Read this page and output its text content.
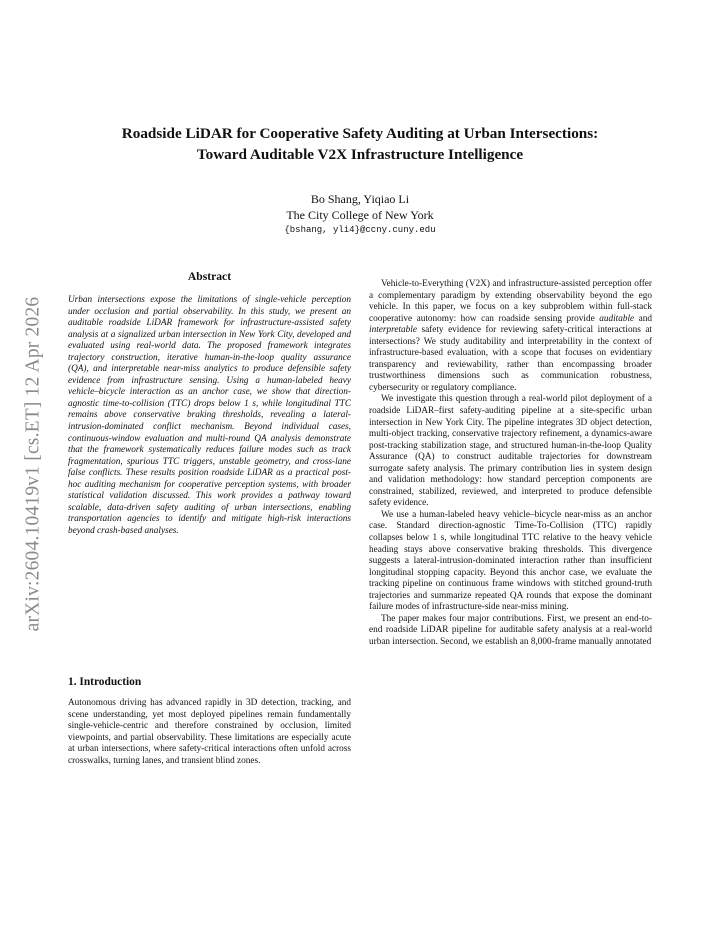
arXiv:2604.10419v1 [cs.ET] 12 Apr 2026
Roadside LiDAR for Cooperative Safety Auditing at Urban Intersections:
Toward Auditable V2X Infrastructure Intelligence
Bo Shang, Yiqiao Li
The City College of New York
{bshang, yli4}@ccny.cuny.edu
Abstract

Urban intersections expose the limitations of single-vehicle perception under occlusion and partial observability. In this study, we present an auditable roadside LiDAR framework for infrastructure-assisted safety analysis at a signalized urban intersection in New York City, developed and evaluated using real-world data. The proposed framework integrates trajectory construction, iterative human-in-the-loop quality assurance (QA), and interpretable near-miss analytics to produce defensible safety evidence from infrastructure sensing. Using a human-labeled heavy vehicle–bicycle interaction as an anchor case, we show that direction-agnostic time-to-collision (TTC) drops below 1 s, while longitudinal TTC remains above conservative braking thresholds, revealing a lateral-intrusion-dominated conflict mechanism. Beyond individual cases, continuous-window evaluation and multi-round QA analysis demonstrate that the framework systematically reduces failure modes such as track fragmentation, spurious TTC triggers, unstable geometry, and cross-lane false conflicts. These results position roadside LiDAR as a practical post-hoc auditing mechanism for cooperative perception systems, with broader statistical validation discussed. This work provides a pathway toward scalable, data-driven safety auditing of urban intersections, enabling transportation agencies to identify and mitigate high-risk interactions beyond crash-based analyses.

1. Introduction

Autonomous driving has advanced rapidly in 3D detection, tracking, and scene understanding, yet most deployed pipelines remain fundamentally single-vehicle-centric and therefore constrained by occlusion, limited viewpoints, and partial observability. These limitations are especially acute at urban intersections, where safety-critical interactions often unfold across crosswalks, turning lanes, and transient blind zones.

Vehicle-to-Everything (V2X) and infrastructure-assisted perception offer a complementary paradigm by extending observability beyond the ego vehicle. In this paper, we focus on a key subproblem within full-stack cooperative autonomy: how can roadside sensing provide auditable and interpretable safety evidence for reviewing safety-critical interactions at intersections? We study auditability and interpretability in the context of infrastructure-based evaluation, with a scope that focuses on evidentiary transparency and reviewability, rather than encompassing broader trustworthiness dimensions such as communication robustness, cybersecurity or regulatory compliance.

We investigate this question through a real-world pilot deployment of a roadside LiDAR–first safety-auditing pipeline at a site-specific urban intersection in New York City. The pipeline integrates 3D object detection, multi-object tracking, conservative trajectory refinement, a dynamics-aware post-tracking stabilization stage, and structured human-in-the-loop Quality Assurance (QA) to construct auditable trajectories for downstream surrogate safety analysis. The primary contribution lies in system design and validation methodology: how standard perception components are constrained, stabilized, reviewed, and interpreted to produce defensible safety evidence.

We use a human-labeled heavy vehicle–bicycle near-miss as an anchor case. Standard direction-agnostic Time-To-Collision (TTC) rapidly collapses below 1 s, while longitudinal TTC relative to the heavy vehicle heading stays above conservative braking thresholds. This divergence suggests a lateral-intrusion-dominated interaction rather than insufficient longitudinal stopping capacity. Beyond this anchor case, we evaluate the tracking pipeline on continuous frame windows with stitched ground-truth trajectories and summarize repeated QA rounds that expose the dominant failure modes of infrastructure-side near-miss mining.

The paper makes four major contributions. First, we present an end-to-end roadside LiDAR pipeline for auditable safety analysis at a real-world urban intersection. Second, we establish an 8,000-frame manually annotated
